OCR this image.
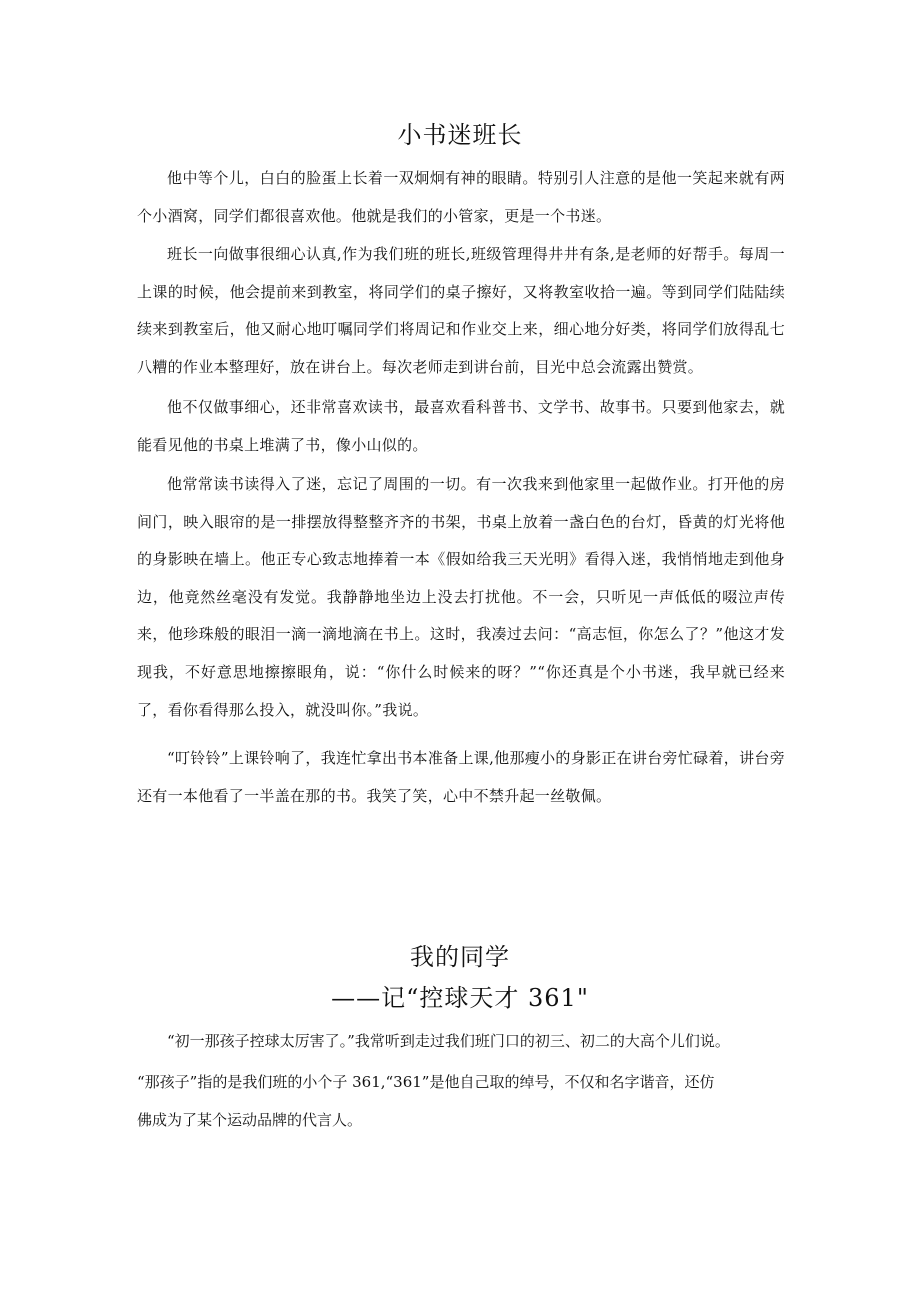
小书迷班长

他中等个儿，白白的脸蛋上长着一双炯炯有神的眼睛。特别引人注意的是他一笑起来就有两个小酒窝，同学们都很喜欢他。他就是我们的小管家，更是一个书迷。

班长一向做事很细心认真,作为我们班的班长,班级管理得井井有条,是老师的好帮手。每周一上课的时候，他会提前来到教室，将同学们的桌子擦好，又将教室收拾一遍。等到同学们陆陆续续来到教室后，他又耐心地叮嘱同学们将周记和作业交上来，细心地分好类，将同学们放得乱七八糟的作业本整理好，放在讲台上。每次老师走到讲台前，目光中总会流露出赞赏。

他不仅做事细心，还非常喜欢读书，最喜欢看科普书、文学书、故事书。只要到他家去，就能看见他的书桌上堆满了书，像小山似的。

他常常读书读得入了迷，忘记了周围的一切。有一次我来到他家里一起做作业。打开他的房间门，映入眼帘的是一排摆放得整整齐齐的书架，书桌上放着一盏白色的台灯，昏黄的灯光将他的身影映在墙上。他正专心致志地捧着一本《假如给我三天光明》看得入迷，我悄悄地走到他身边，他竟然丝毫没有发觉。我静静地坐边上没去打扰他。不一会，只听见一声低低的啜泣声传来，他珍珠般的眼泪一滴一滴地滴在书上。这时，我凑过去问：“高志恒，你怎么了？”他这才发现我，不好意思地擦擦眼角，说：“你什么时候来的呀？”“你还真是个小书迷，我早就已经来了，看你看得那么投入，就没叫你。”我说。

“叮铃铃”上课铃响了，我连忙拿出书本准备上课,他那瘦小的身影正在讲台旁忙碌着，讲台旁还有一本他看了一半盖在那的书。我笑了笑，心中不禁升起一丝敬佩。

我的同学
——记“控球天才 361"

“初一那孩子控球太厉害了。”我常听到走过我们班门口的初三、初二的大高个儿们说。

“那孩子”指的是我们班的小个子 361,“361”是他自己取的绰号，不仅和名字谐音，还仿

佛成为了某个运动品牌的代言人。
